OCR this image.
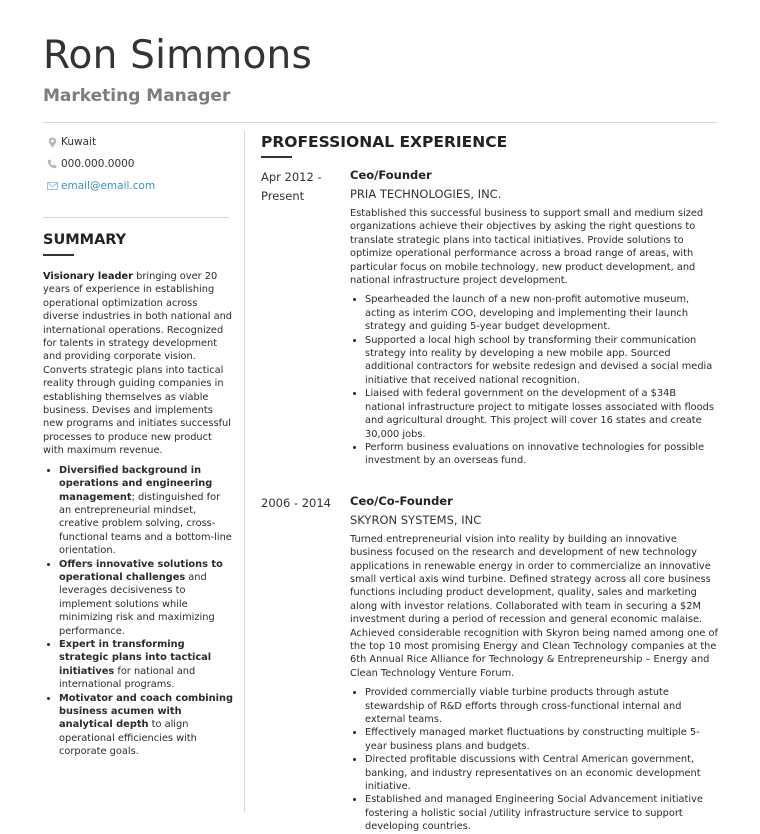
Ron Simmons
Marketing Manager
Kuwait
000.000.0000
email@email.com
SUMMARY
Visionary leader bringing over 20 years of experience in establishing operational optimization across diverse industries in both national and international operations. Recognized for talents in strategy development and providing corporate vision. Converts strategic plans into tactical reality through guiding companies in establishing themselves as viable business. Devises and implements new programs and initiates successful processes to produce new product with maximum revenue.
• Diversified background in operations and engineering management; distinguished for an entrepreneurial mindset, creative problem solving, cross-functional teams and a bottom-line orientation.
• Offers innovative solutions to operational challenges and leverages decisiveness to implement solutions while minimizing risk and maximizing performance.
• Expert in transforming strategic plans into tactical initiatives for national and international programs.
• Motivator and coach combining business acumen with analytical depth to align operational efficiencies with corporate goals.
PROFESSIONAL EXPERIENCE
Apr 2012 - Present
Ceo/Founder
PRIA TECHNOLOGIES, INC.
Established this successful business to support small and medium sized organizations achieve their objectives by asking the right questions to translate strategic plans into tactical initiatives. Provide solutions to optimize operational performance across a broad range of areas, with particular focus on mobile technology, new product development, and national infrastructure project development.
• Spearheaded the launch of a new non-profit automotive museum, acting as interim COO, developing and implementing their launch strategy and guiding 5-year budget development.
• Supported a local high school by transforming their communication strategy into reality by developing a new mobile app. Sourced additional contractors for website redesign and devised a social media initiative that received national recognition.
• Liaised with federal government on the development of a $34B national infrastructure project to mitigate losses associated with floods and agricultural drought. This project will cover 16 states and create 30,000 jobs.
• Perform business evaluations on innovative technologies for possible investment by an overseas fund.
2006 - 2014	Ceo/Co-Founder
SKYRON SYSTEMS, INC
Turned entrepreneurial vision into reality by building an innovative business focused on the research and development of new technology applications in renewable energy in order to commercialize an innovative small vertical axis wind turbine. Defined strategy across all core business functions including product development, quality, sales and marketing along with investor relations. Collaborated with team in securing a $2M investment during a period of recession and general economic malaise. Achieved considerable recognition with Skyron being named among one of the top 10 most promising Energy and Clean Technology companies at the 6th Annual Rice Alliance for Technology & Entrepreneurship – Energy and Clean Technology Venture Forum.
• Provided commercially viable turbine products through astute stewardship of R&D efforts through cross-functional internal and external teams.
• Effectively managed market fluctuations by constructing multiple 5-year business plans and budgets.
• Directed profitable discussions with Central American government, banking, and industry representatives on an economic development initiative.
• Established and managed Engineering Social Advancement initiative fostering a holistic social /utility infrastructure service to support developing countries.
